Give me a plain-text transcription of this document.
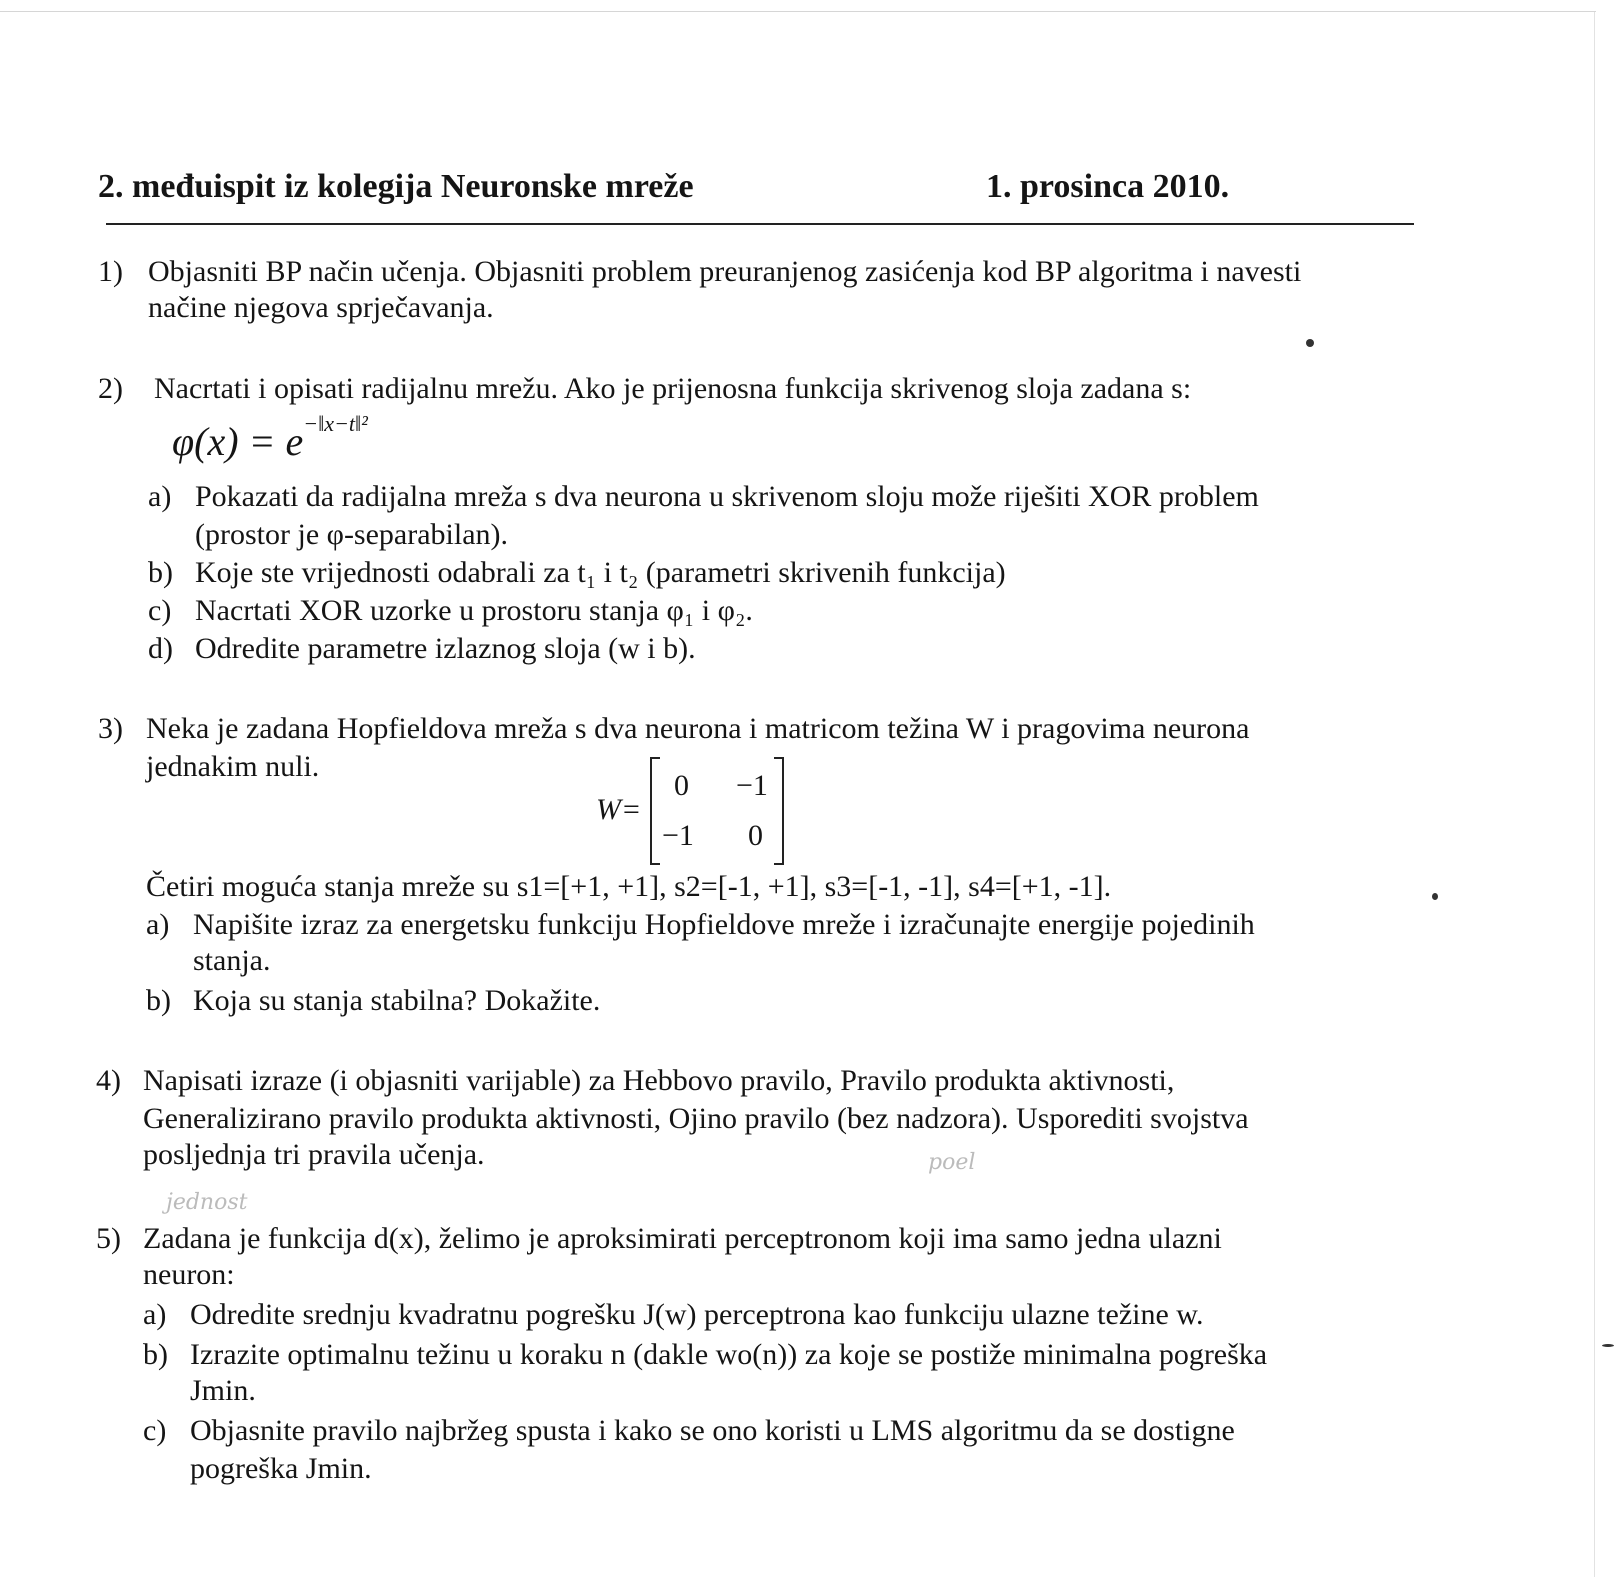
2. međuispit iz kolegija Neuronske mreže	1. prosinca 2010.
1) Objasniti BP način učenja. Objasniti problem preuranjenog zasićenja kod BP algoritma i navesti
načine njegova sprječavanja.
2) Nacrtati i opisati radijalnu mrežu. Ako je prijenosna funkcija skrivenog sloja zadana s:
$\varphi(x) = e^{-‖x-t‖^2}$
a) Pokazati da radijalna mreža s dva neurona u skrivenom sloju može riješiti XOR problem
(prostor je φ-separabilan).
b) Koje ste vrijednosti odabrali za t₁ i t₂ (parametri skrivenih funkcija)
c) Nacrtati XOR uzorke u prostoru stanja φ₁ i φ₂.
d) Odredite parametre izlaznog sloja (w i b).
3) Neka je zadana Hopfieldova mreža s dva neurona i matricom težina W i pragovima neurona
jednakim nuli.
W=
0 −1
−1 0
Četiri moguća stanja mreže su s1=[+1, +1], s2=[-1, +1], s3=[-1, -1], s4=[+1, -1].
a) Napišite izraz za energetsku funkciju Hopfieldove mreže i izračunajte energije pojedinih
stanja.
b) Koja su stanja stabilna? Dokažite.
4) Napisati izraze (i objasniti varijable) za Hebbovo pravilo, Pravilo produkta aktivnosti,
Generalizirano pravilo produkta aktivnosti, Ojino pravilo (bez nadzora). Usporediti svojstva
posljednja tri pravila učenja.
jednost
poel
5) Zadana je funkcija d(x), želimo je aproksimirati perceptronom koji ima samo jedna ulazni
neuron:
a) Odredite srednju kvadratnu pogrešku J(w) perceptrona kao funkciju ulazne težine w.
b) Izrazite optimalnu težinu u koraku n (dakle wo(n)) za koje se postiže minimalna pogreška
Jmin.
c) Objasnite pravilo najbržeg spusta i kako se ono koristi u LMS algoritmu da se dostigne
pogreška Jmin.
